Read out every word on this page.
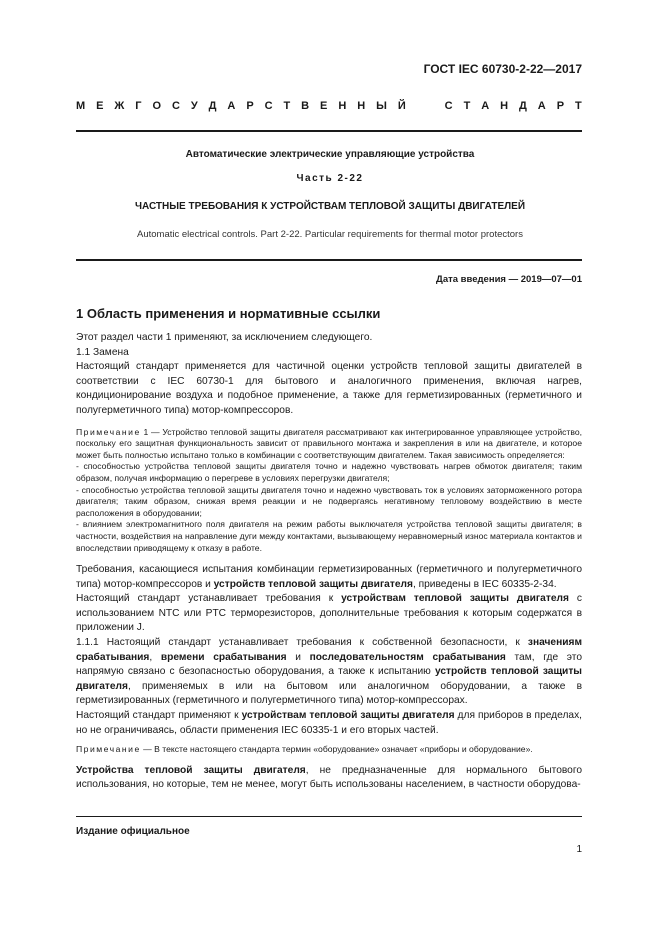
ГОСТ IEC 60730-2-22—2017
М Е Ж Г О С У Д А Р С Т В Е Н Н Ы Й

	С Т А Н Д А Р Т
Автоматические электрические управляющие устройства
Часть 2-22
ЧАСТНЫЕ ТРЕБОВАНИЯ К УСТРОЙСТВАМ ТЕПЛОВОЙ ЗАЩИТЫ ДВИГАТЕЛЕЙ
Automatic electrical controls. Part 2-22. Particular requirements for thermal motor protectors
Дата введения — 2019—07—01
1 Область применения и нормативные ссылки

Этот раздел части 1 применяют, за исключением следующего.

1.1 Замена

Настоящий стандарт применяется для частичной оценки устройств тепловой защиты двигателей в соответствии с IEC 60730-1 для бытового и аналогичного применения, включая нагрев, кондиционирование воздуха и подобное применение, а также для герметизированных (герметичного и полугерметичного типа) мотор-компрессоров.

Примечание 1 — Устройство тепловой защиты двигателя рассматривают как интегрированное управляющее устройство, поскольку его защитная функциональность зависит от правильного монтажа и закрепления в или на двигателе, и которое может быть полностью испытано только в комбинации с соответствующим двигателем. Такая зависимость определяется:

- способностью устройства тепловой защиты двигателя точно и надежно чувствовать нагрев обмоток двигателя; таким образом, получая информацию о перегреве в условиях перегрузки двигателя;

- способностью устройства тепловой защиты двигателя точно и надежно чувствовать ток в условиях заторможенного ротора двигателя; таким образом, снижая время реакции и не подвергаясь негативному тепловому воздействию в месте расположения в оборудовании;

- влиянием электромагнитного поля двигателя на режим работы выключателя устройства тепловой защиты двигателя; в частности, воздействия на направление дуги между контактами, вызывающему неравномерный износ материала контактов и впоследствии приводящему к отказу в работе.

Требования, касающиеся испытания комбинации герметизированных (герметичного и полугерметичного типа) мотор-компрессоров и устройств тепловой защиты двигателя, приведены в IEC 60335-2-34.

Настоящий стандарт устанавливает требования к устройствам тепловой защиты двигателя с использованием NTC или PTC терморезисторов, дополнительные требования к которым содержатся в приложении J.

1.1.1 Настоящий стандарт устанавливает требования к собственной безопасности, к значениям срабатывания, времени срабатывания и последовательностям срабатывания там, где это напрямую связано с безопасностью оборудования, а также к испытанию устройств тепловой защиты двигателя, применяемых в или на бытовом или аналогичном оборудовании, а также в герметизированных (герметичного и полугерметичного типа) мотор-компрессорах.

Настоящий стандарт применяют к устройствам тепловой защиты двигателя для приборов в пределах, но не ограничиваясь, области применения IEC 60335-1 и его вторых частей.

Примечание — В тексте настоящего стандарта термин «оборудование» означает «приборы и оборудование».

Устройства тепловой защиты двигателя, не предназначенные для нормального бытового использования, но которые, тем не менее, могут быть использованы населением, в частности оборудова-

Издание официальное
1
